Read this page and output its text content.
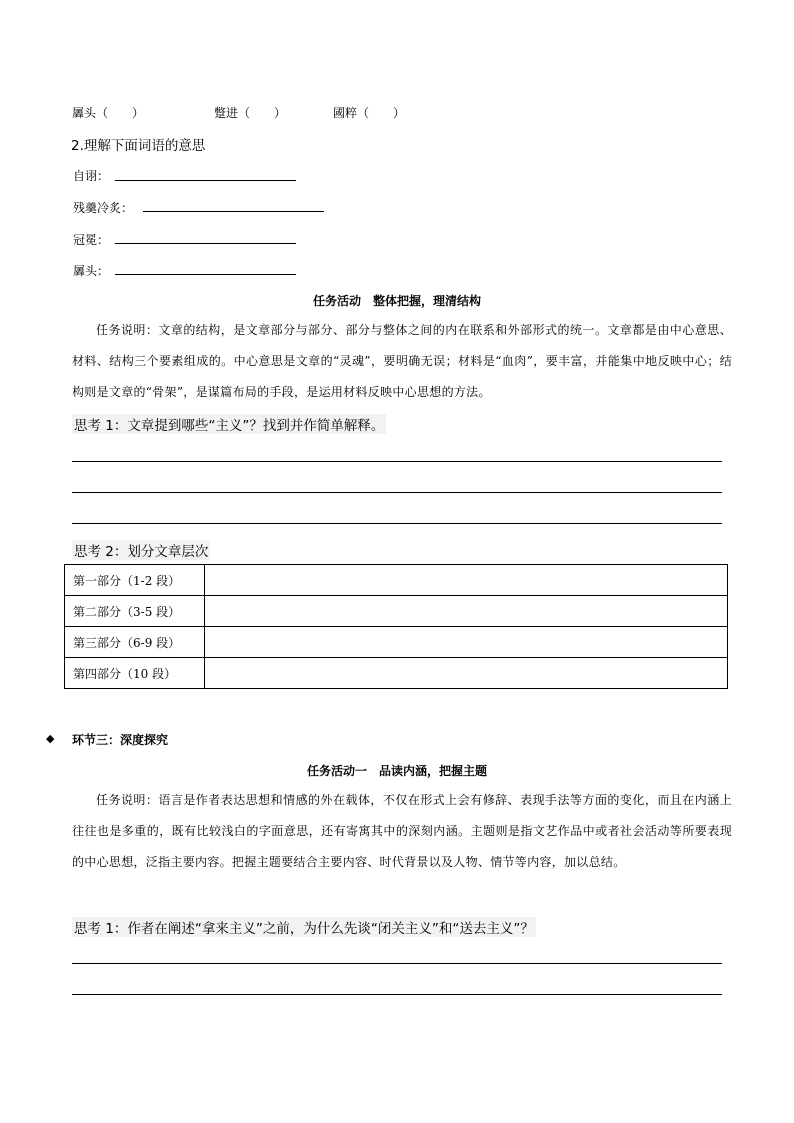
羼头（　　）	蹩进（　　）	國粹（　　）
2.理解下面词语的意思
自诩：
残羹冷炙：
冠冕：
羼头：
任务活动　整体把握，理清结构
任务说明：文章的结构，是文章部分与部分、部分与整体之间的内在联系和外部形式的统一。文章都是由中心意思、材料、结构三个要素组成的。中心意思是文章的“灵魂”，要明确无误；材料是“血肉”，要丰富，并能集中地反映中心；结构则是文章的“骨架”，是谋篇布局的手段，是运用材料反映中心思想的方法。
思考 1：文章提到哪些“主义”？找到并作简单解释。
思考 2：划分文章层次
第一部分（1-2 段）	
第二部分（3-5 段）	
第三部分（6-9 段）	
第四部分（10 段）	
◆ 环节三：深度探究
任务活动一　品读内涵，把握主题
任务说明：语言是作者表达思想和情感的外在载体，不仅在形式上会有修辞、表现手法等方面的变化，而且在内涵上往往也是多重的，既有比较浅白的字面意思，还有寄寓其中的深刻内涵。主题则是指文艺作品中或者社会活动等所要表现的中心思想，泛指主要内容。把握主题要结合主要内容、时代背景以及人物、情节等内容，加以总结。
思考 1：作者在阐述“拿来主义”之前，为什么先谈“闭关主义”和“送去主义”？
